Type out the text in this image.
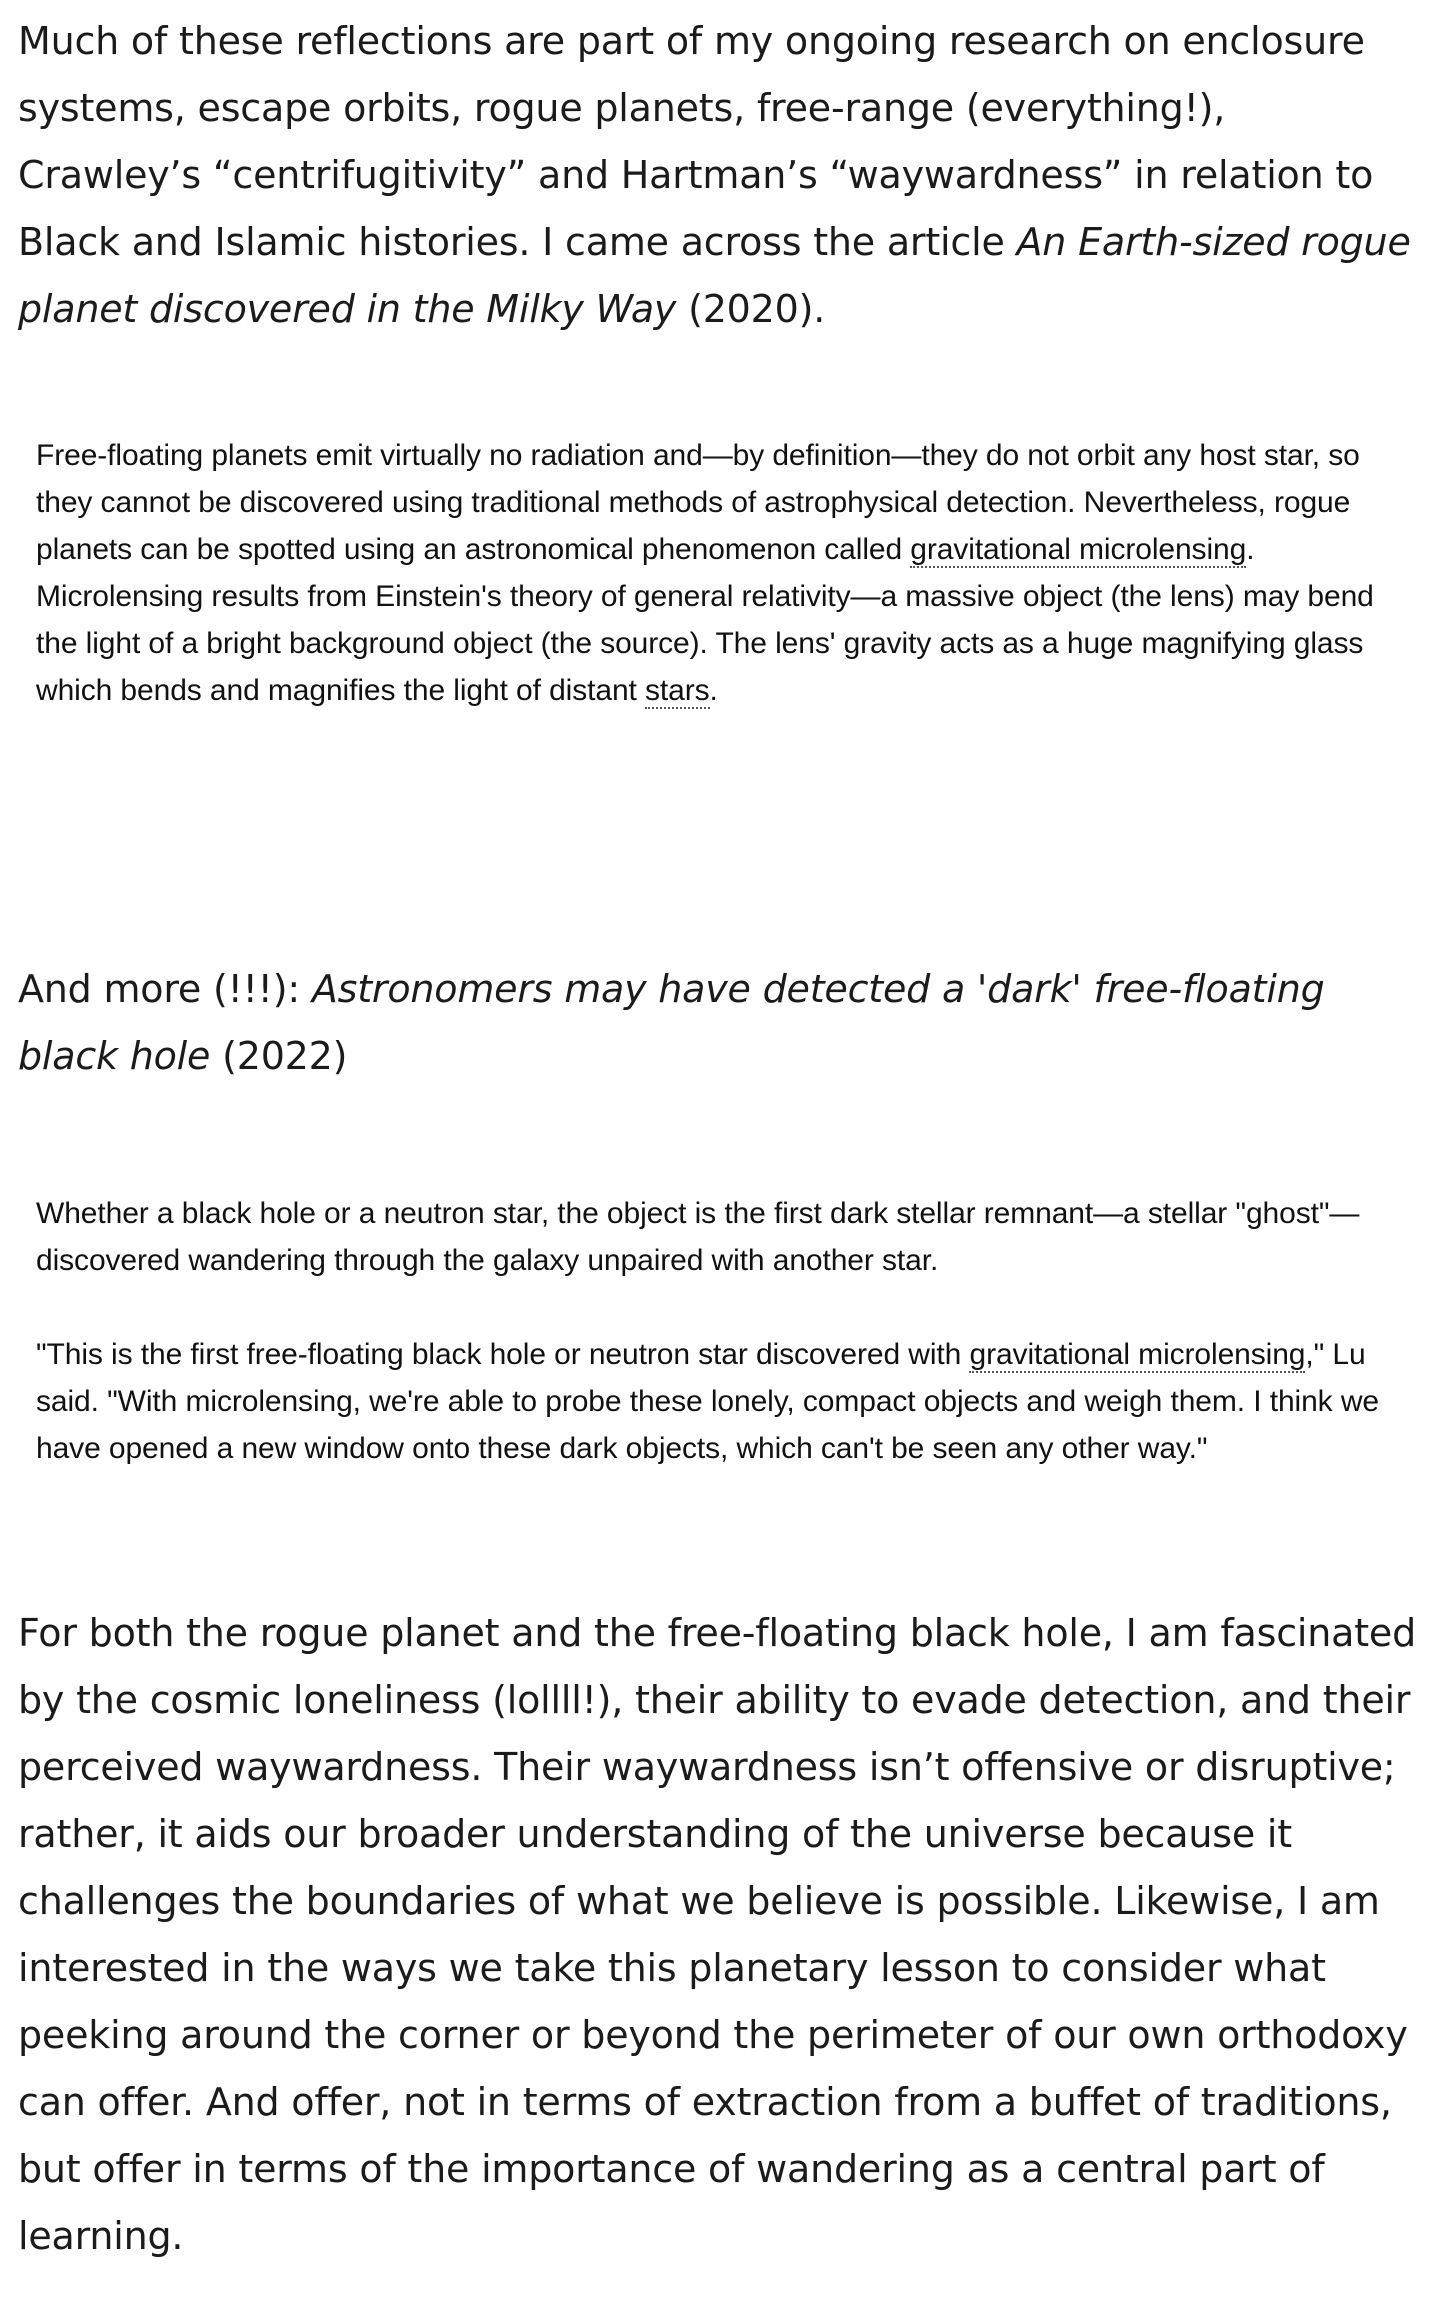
Much of these reflections are part of my ongoing research on enclosure systems, escape orbits, rogue planets, free-range (everything!), Crawley’s “centrifugitivity” and Hartman’s “waywardness” in relation to Black and Islamic histories. I came across the article An Earth-sized rogue planet discovered in the Milky Way (2020).

Free-floating planets emit virtually no radiation and—by definition—they do not orbit any host star, so they cannot be discovered using traditional methods of astrophysical detection. Nevertheless, rogue planets can be spotted using an astronomical phenomenon called gravitational microlensing. Microlensing results from Einstein's theory of general relativity—a massive object (the lens) may bend the light of a bright background object (the source). The lens' gravity acts as a huge magnifying glass which bends and magnifies the light of distant stars.

And more (!!!): Astronomers may have detected a 'dark' free-floating black hole (2022)

Whether a black hole or a neutron star, the object is the first dark stellar remnant—a stellar "ghost"—discovered wandering through the galaxy unpaired with another star.

"This is the first free-floating black hole or neutron star discovered with gravitational microlensing," Lu said. "With microlensing, we're able to probe these lonely, compact objects and weigh them. I think we have opened a new window onto these dark objects, which can't be seen any other way."

For both the rogue planet and the free-floating black hole, I am fascinated by the cosmic loneliness (lollll!), their ability to evade detection, and their perceived waywardness. Their waywardness isn’t offensive or disruptive; rather, it aids our broader understanding of the universe because it challenges the boundaries of what we believe is possible. Likewise, I am interested in the ways we take this planetary lesson to consider what peeking around the corner or beyond the perimeter of our own orthodoxy can offer. And offer, not in terms of extraction from a buffet of traditions, but offer in terms of the importance of wandering as a central part of learning.
